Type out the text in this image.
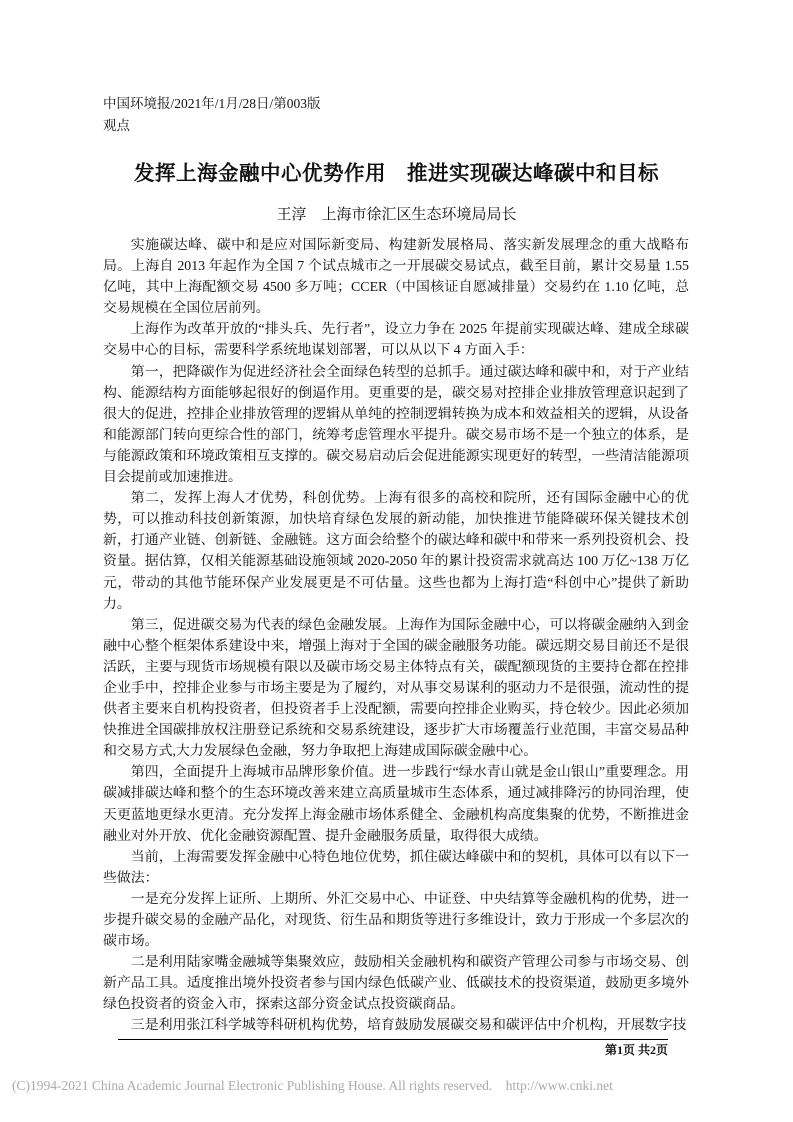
中国环境报/2021年/1月/28日/第003版
观点
发挥上海金融中心优势作用　推进实现碳达峰碳中和目标
王淳　上海市徐汇区生态环境局局长

实施碳达峰、碳中和是应对国际新变局、构建新发展格局、落实新发展理念的重大战略布局。上海自 2013 年起作为全国 7 个试点城市之一开展碳交易试点，截至目前，累计交易量 1.55 亿吨，其中上海配额交易 4500 多万吨；CCER（中国核证自愿减排量）交易约在 1.10 亿吨，总交易规模在全国位居前列。

上海作为改革开放的“排头兵、先行者”，设立力争在 2025 年提前实现碳达峰、建成全球碳交易中心的目标，需要科学系统地谋划部署，可以从以下 4 方面入手：

第一，把降碳作为促进经济社会全面绿色转型的总抓手。通过碳达峰和碳中和，对于产业结构、能源结构方面能够起很好的倒逼作用。更重要的是，碳交易对控排企业排放管理意识起到了很大的促进，控排企业排放管理的逻辑从单纯的控制逻辑转换为成本和效益相关的逻辑，从设备和能源部门转向更综合性的部门，统筹考虑管理水平提升。碳交易市场不是一个独立的体系，是与能源政策和环境政策相互支撑的。碳交易启动后会促进能源实现更好的转型，一些清洁能源项目会提前或加速推进。

第二，发挥上海人才优势，科创优势。上海有很多的高校和院所，还有国际金融中心的优势，可以推动科技创新策源，加快培育绿色发展的新动能，加快推进节能降碳环保关键技术创新，打通产业链、创新链、金融链。这方面会给整个的碳达峰和碳中和带来一系列投资机会、投资量。据估算，仅相关能源基础设施领域 2020-2050 年的累计投资需求就高达 100 万亿~138 万亿元，带动的其他节能环保产业发展更是不可估量。这些也都为上海打造“科创中心”提供了新助力。

第三，促进碳交易为代表的绿色金融发展。上海作为国际金融中心，可以将碳金融纳入到金融中心整个框架体系建设中来，增强上海对于全国的碳金融服务功能。碳远期交易目前还不是很活跃，主要与现货市场规模有限以及碳市场交易主体特点有关，碳配额现货的主要持仓都在控排企业手中，控排企业参与市场主要是为了履约，对从事交易谋利的驱动力不是很强，流动性的提供者主要来自机构投资者，但投资者手上没配额，需要向控排企业购买，持仓较少。因此必须加快推进全国碳排放权注册登记系统和交易系统建设，逐步扩大市场覆盖行业范围，丰富交易品种和交易方式,大力发展绿色金融，努力争取把上海建成国际碳金融中心。

第四，全面提升上海城市品牌形象价值。进一步践行“绿水青山就是金山银山”重要理念。用碳减排碳达峰和整个的生态环境改善来建立高质量城市生态体系，通过减排降污的协同治理，使天更蓝地更绿水更清。充分发挥上海金融市场体系健全、金融机构高度集聚的优势，不断推进金融业对外开放、优化金融资源配置、提升金融服务质量，取得很大成绩。

当前，上海需要发挥金融中心特色地位优势，抓住碳达峰碳中和的契机，具体可以有以下一些做法：

一是充分发挥上证所、上期所、外汇交易中心、中证登、中央结算等金融机构的优势，进一步提升碳交易的金融产品化，对现货、衍生品和期货等进行多维设计，致力于形成一个多层次的碳市场。

二是利用陆家嘴金融城等集聚效应，鼓励相关金融机构和碳资产管理公司参与市场交易、创新产品工具。适度推出境外投资者参与国内绿色低碳产业、低碳技术的投资渠道，鼓励更多境外绿色投资者的资金入市，探索这部分资金试点投资碳商品。

三是利用张江科学城等科研机构优势，培育鼓励发展碳交易和碳评估中介机构，开展数字技

第1页 共2页
(C)1994-2021 China Academic Journal Electronic Publishing House. All rights reserved.    http://www.cnki.net
